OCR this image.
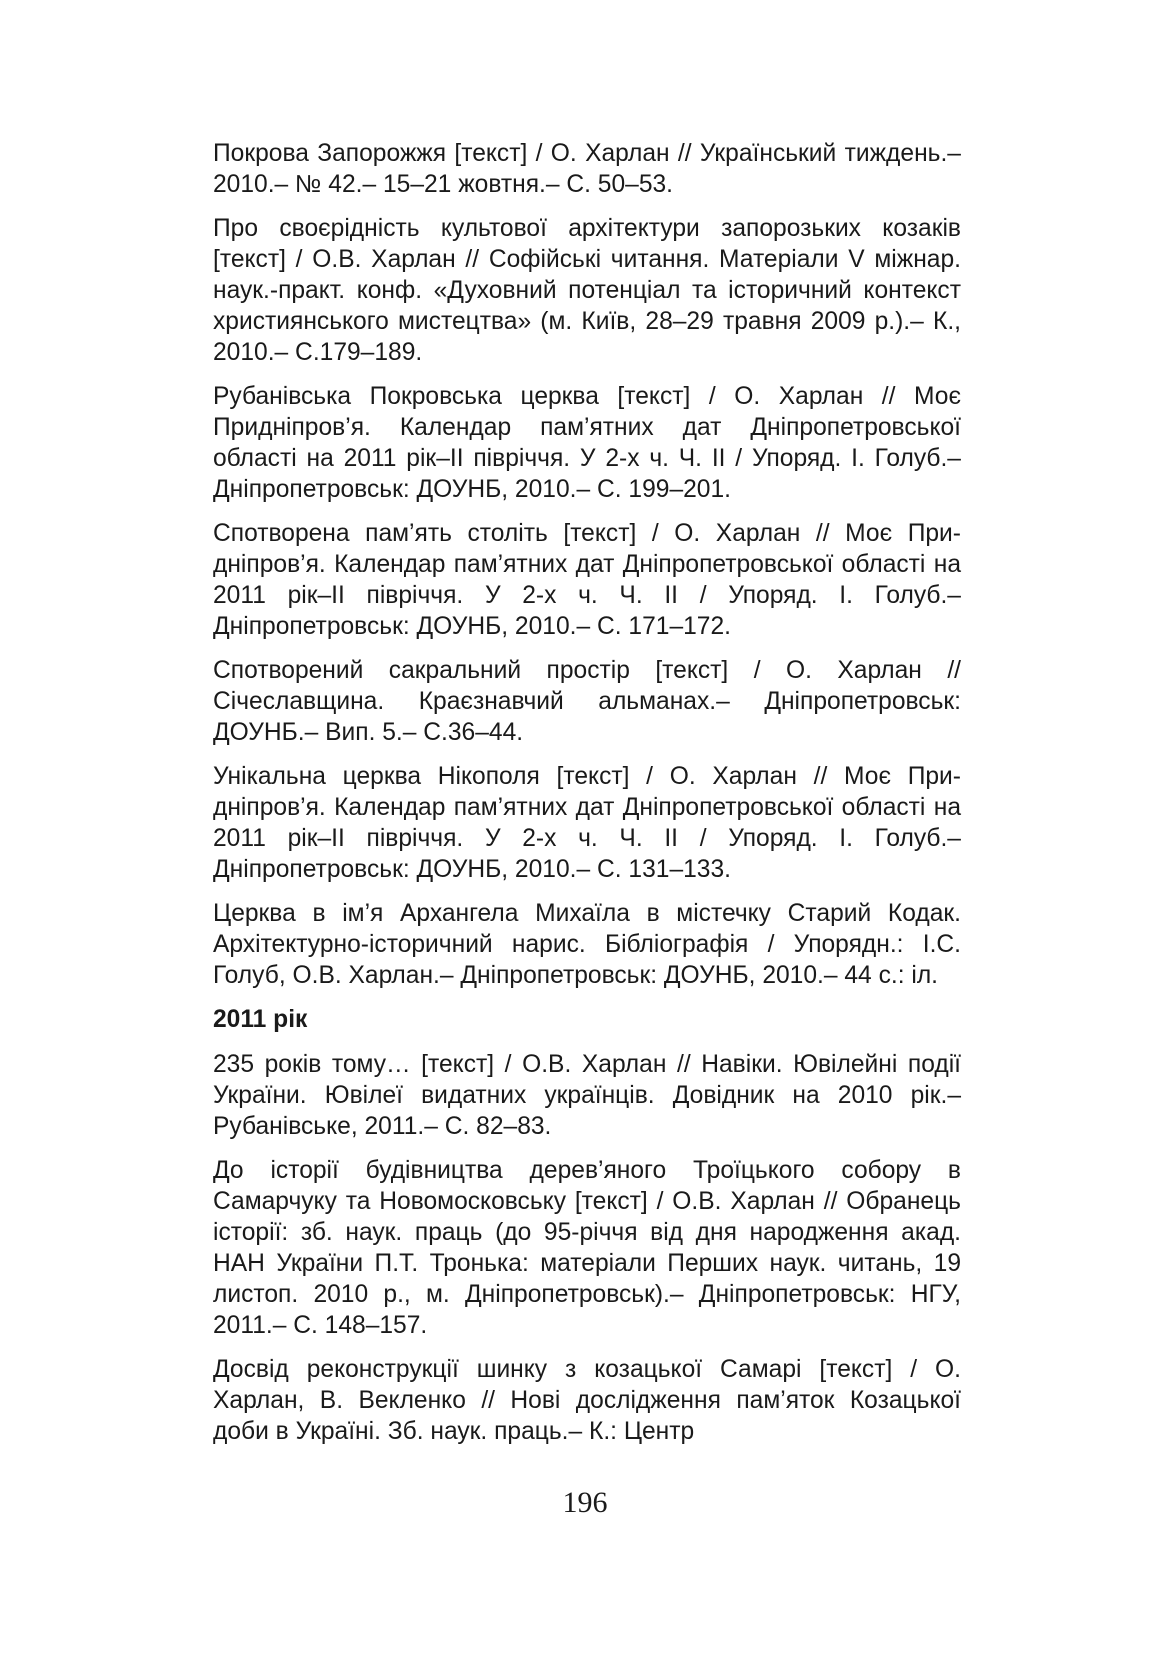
Покрова Запорожжя [текст] / О. Харлан // Український тиждень.– 2010.– № 42.– 15–21 жовтня.– С. 50–53.

Про своєрідність культової архітектури запорозьких козаків [текст] / О.В. Харлан // Софійські читання. Матеріали V міжнар. наук.-практ. конф. «Духовний потенціал та історичний контекст християнського мистецтва» (м. Київ, 28–29 травня 2009 р.).– К., 2010.– С.179–189.

Рубанівська Покровська церква [текст] / О. Харлан // Моє Придніпров’я. Календар пам’ятних дат Дніпропетровської області на 2011 рік–ІІ півріччя. У 2-х ч. Ч. ІІ / Упоряд. І. Голуб.– Дніпропетровськ: ДОУНБ, 2010.– С. 199–201.

Спотворена пам’ять століть [текст] / О. Харлан // Моє Придніпров’я. Календар пам’ятних дат Дніпропетровської області на 2011 рік–ІІ півріччя. У 2-х ч. Ч. ІІ / Упоряд. І. Голуб.– Дніпропетровськ: ДОУНБ, 2010.– С. 171–172.

Спотворений сакральний простір [текст] / О. Харлан // Січеславщина. Краєзнавчий альманах.– Дніпропетровськ: ДОУНБ.– Вип. 5.– С.36–44.

Унікальна церква Нікополя [текст] / О. Харлан // Моє Придніпров’я. Календар пам’ятних дат Дніпропетровської області на 2011 рік–ІІ півріччя. У 2-х ч. Ч. ІІ / Упоряд. І. Голуб.– Дніпропетровськ: ДОУНБ, 2010.– С. 131–133.

Церква в ім’я Архангела Михаїла в містечку Старий Кодак. Архітектурно-історичний нарис. Бібліографія / Упорядн.: І.С. Голуб, О.В. Харлан.– Дніпропетровськ: ДОУНБ, 2010.– 44 с.: іл.

2011 рік

235 років тому… [текст] / О.В. Харлан // Навіки. Ювілейні події України. Ювілеї видатних українців. Довідник на 2010 рік.– Рубанівське, 2011.– С. 82–83.

До історії будівництва дерев’яного Троїцького собору в Самарчуку та Новомосковську [текст] / О.В. Харлан // Обранець історії: зб. наук. праць (до 95-річчя від дня народження акад. НАН України П.Т. Тронька: матеріали Перших наук. читань, 19 листоп. 2010 р., м. Дніпропетровськ).– Дніпропетровськ: НГУ, 2011.– С. 148–157.

Досвід реконструкції шинку з козацької Самарі [текст] / О. Харлан, В. Векленко // Нові дослідження пам’яток Козацької доби в Україні. Зб. наук. праць.– К.: Центр

196
